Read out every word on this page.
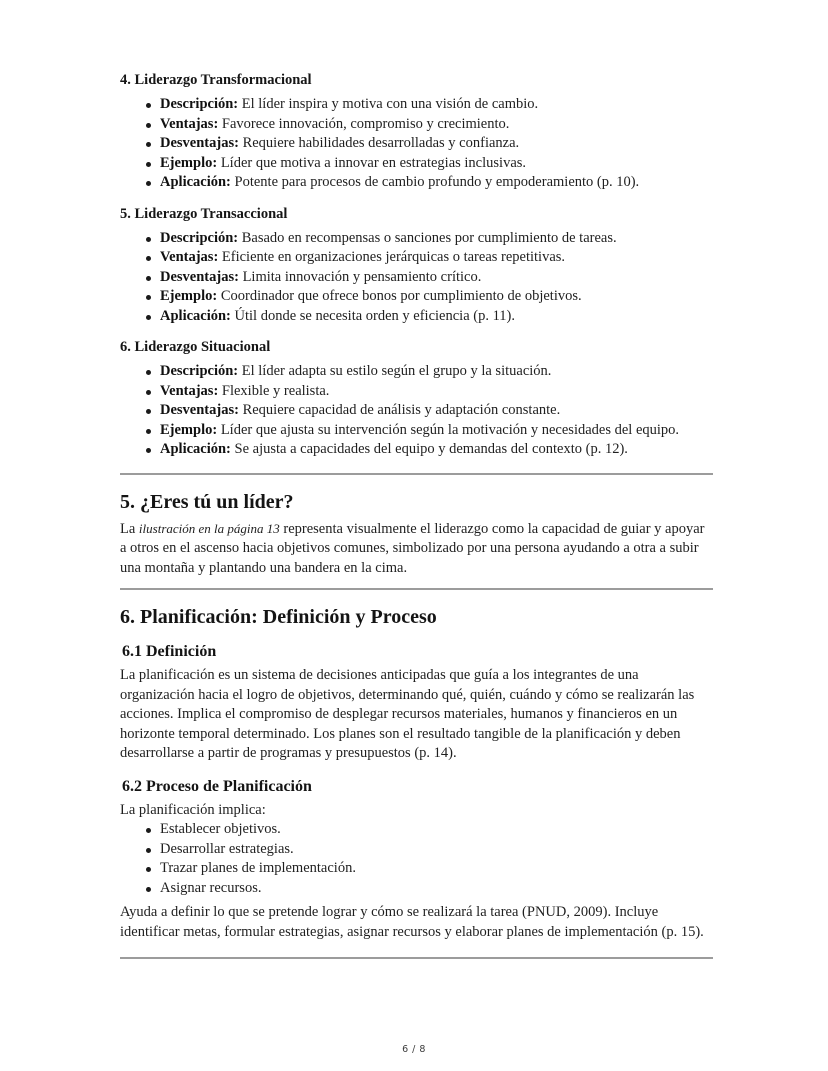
4. Liderazgo Transformacional
Descripción: El líder inspira y motiva con una visión de cambio.
Ventajas: Favorece innovación, compromiso y crecimiento.
Desventajas: Requiere habilidades desarrolladas y confianza.
Ejemplo: Líder que motiva a innovar en estrategias inclusivas.
Aplicación: Potente para procesos de cambio profundo y empoderamiento (p. 10).
5. Liderazgo Transaccional
Descripción: Basado en recompensas o sanciones por cumplimiento de tareas.
Ventajas: Eficiente en organizaciones jerárquicas o tareas repetitivas.
Desventajas: Limita innovación y pensamiento crítico.
Ejemplo: Coordinador que ofrece bonos por cumplimiento de objetivos.
Aplicación: Útil donde se necesita orden y eficiencia (p. 11).
6. Liderazgo Situacional
Descripción: El líder adapta su estilo según el grupo y la situación.
Ventajas: Flexible y realista.
Desventajas: Requiere capacidad de análisis y adaptación constante.
Ejemplo: Líder que ajusta su intervención según la motivación y necesidades del equipo.
Aplicación: Se ajusta a capacidades del equipo y demandas del contexto (p. 12).
5. ¿Eres tú un líder?

La ilustración en la página 13 representa visualmente el liderazgo como la capacidad de guiar y apoyar a otros en el ascenso hacia objetivos comunes, simbolizado por una persona ayudando a otra a subir una montaña y plantando una bandera en la cima.

6. Planificación: Definición y Proceso
6.1 Definición

La planificación es un sistema de decisiones anticipadas que guía a los integrantes de una organización hacia el logro de objetivos, determinando qué, quién, cuándo y cómo se realizarán las acciones. Implica el compromiso de desplegar recursos materiales, humanos y financieros en un horizonte temporal determinado. Los planes son el resultado tangible de la planificación y deben desarrollarse a partir de programas y presupuestos (p. 14).

6.2 Proceso de Planificación

La planificación implica:

Establecer objetivos.
Desarrollar estrategias.
Trazar planes de implementación.
Asignar recursos.

Ayuda a definir lo que se pretende lograr y cómo se realizará la tarea (PNUD, 2009). Incluye identificar metas, formular estrategias, asignar recursos y elaborar planes de implementación (p. 15).

6 / 8
